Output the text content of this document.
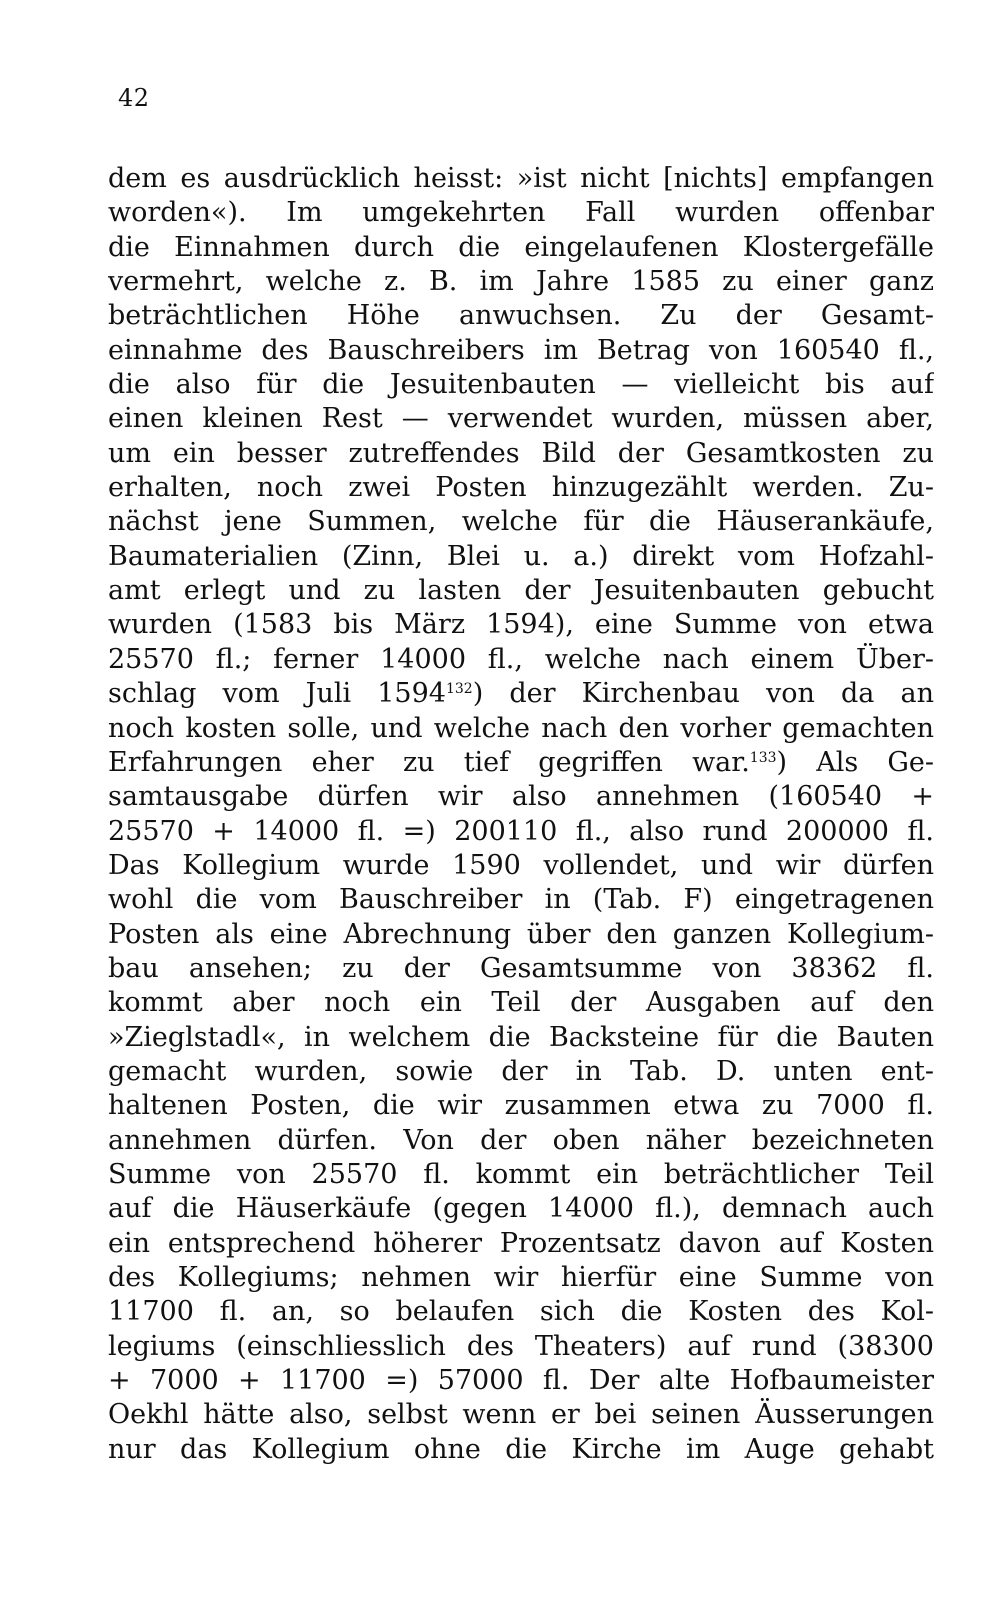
42
dem es ausdrücklich heisst: »ist nicht [nichts] empfangen
worden«). Im umgekehrten Fall wurden offenbar
die Einnahmen durch die eingelaufenen Klostergefälle
vermehrt, welche z. B. im Jahre 1585 zu einer ganz
beträchtlichen Höhe anwuchsen. Zu der Gesamt-
einnahme des Bauschreibers im Betrag von 160540 fl.,
die also für die Jesuitenbauten — vielleicht bis auf
einen kleinen Rest — verwendet wurden, müssen aber,
um ein besser zutreffendes Bild der Gesamtkosten zu
erhalten, noch zwei Posten hinzugezählt werden. Zu-
nächst jene Summen, welche für die Häuserankäufe,
Baumaterialien (Zinn, Blei u. a.) direkt vom Hofzahl-
amt erlegt und zu lasten der Jesuitenbauten gebucht
wurden (1583 bis März 1594), eine Summe von etwa
25570 fl.; ferner 14000 fl., welche nach einem Über-
schlag vom Juli 1594$^{132}$) der Kirchenbau von da an
noch kosten solle, und welche nach den vorher gemachten
Erfahrungen eher zu tief gegriffen war.$^{133}$) Als Ge-
samtausgabe dürfen wir also annehmen (160540 +
25570 + 14000 fl. =) 200110 fl., also rund 200000 fl.
Das Kollegium wurde 1590 vollendet, und wir dürfen
wohl die vom Bauschreiber in (Tab. F) eingetragenen
Posten als eine Abrechnung über den ganzen Kollegium-
bau ansehen; zu der Gesamtsumme von 38362 fl.
kommt aber noch ein Teil der Ausgaben auf den
»Zieglstadl«, in welchem die Backsteine für die Bauten
gemacht wurden, sowie der in Tab. D. unten ent-
haltenen Posten, die wir zusammen etwa zu 7000 fl.
annehmen dürfen. Von der oben näher bezeichneten
Summe von 25570 fl. kommt ein beträchtlicher Teil
auf die Häuserkäufe (gegen 14000 fl.), demnach auch
ein entsprechend höherer Prozentsatz davon auf Kosten
des Kollegiums; nehmen wir hierfür eine Summe von
11700 fl. an, so belaufen sich die Kosten des Kol-
legiums (einschliesslich des Theaters) auf rund (38300
+ 7000 + 11700 =) 57000 fl. Der alte Hofbaumeister
Oekhl hätte also, selbst wenn er bei seinen Äusserungen
nur das Kollegium ohne die Kirche im Auge gehabt
